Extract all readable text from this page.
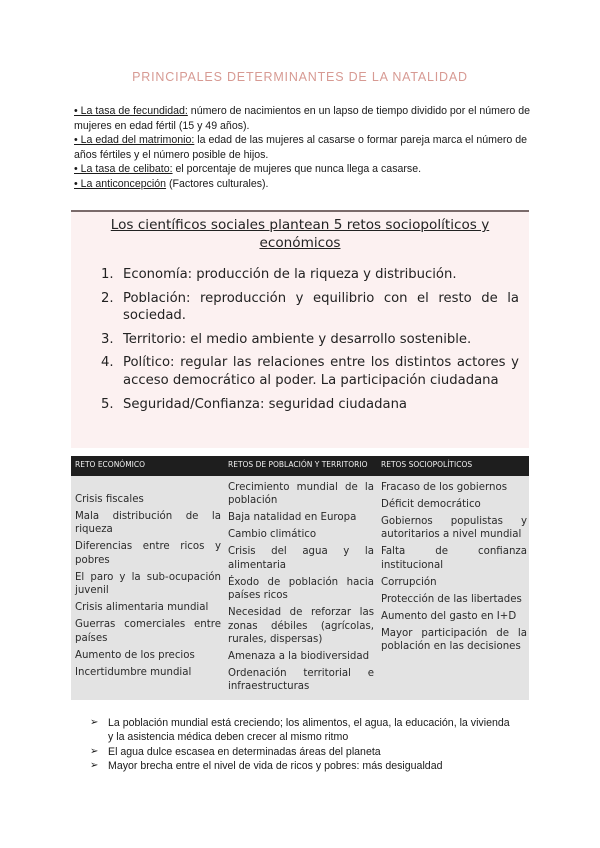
PRINCIPALES DETERMINANTES DE LA NATALIDAD
• La tasa de fecundidad: número de nacimientos en un lapso de tiempo dividido por el número de mujeres en edad fértil (15 y 49 años).
• La edad del matrimonio: la edad de las mujeres al casarse o formar pareja marca el número de años fértiles y el número posible de hijos.
• La tasa de celibato: el porcentaje de mujeres que nunca llega a casarse.
• La anticoncepción (Factores culturales).
Los científicos sociales plantean 5 retos sociopolíticos y económicos
1. Economía: producción de la riqueza y distribución.
2. Población: reproducción y equilibrio con el resto de la sociedad.
3. Territorio: el medio ambiente y desarrollo sostenible.
4. Político: regular las relaciones entre los distintos actores y acceso democrático al poder. La participación ciudadana
5. Seguridad/Confianza: seguridad ciudadana
RETO ECONÓMICO	RETOS DE POBLACIÓN Y TERRITORIO RETOS SOCIOPOLÍTICOS
Crisis fiscales
Mala distribución de la riqueza
Diferencias entre ricos y pobres
El paro y la sub-ocupación juvenil
Crisis alimentaria mundial
Guerras comerciales entre países
Aumento de los precios
Incertidumbre mundial
Crecimiento mundial de la población
Baja natalidad en Europa
Cambio climático
Crisis del agua y la alimentaria
Éxodo de población hacia países ricos
Necesidad de reforzar las zonas débiles (agrícolas, rurales, dispersas)
Amenaza a la biodiversidad
Ordenación territorial e infraestructuras
Fracaso de los gobiernos
Déficit democrático
Gobiernos populistas y autoritarios a nivel mundial
Falta de confianza institucional
Corrupción
Protección de las libertades
Aumento del gasto en I+D
Mayor participación de la población en las decisiones
➢ La población mundial está creciendo; los alimentos, el agua, la educación, la vivienda y la asistencia médica deben crecer al mismo ritmo
➢ El agua dulce escasea en determinadas áreas del planeta
➢ Mayor brecha entre el nivel de vida de ricos y pobres: más desigualdad
